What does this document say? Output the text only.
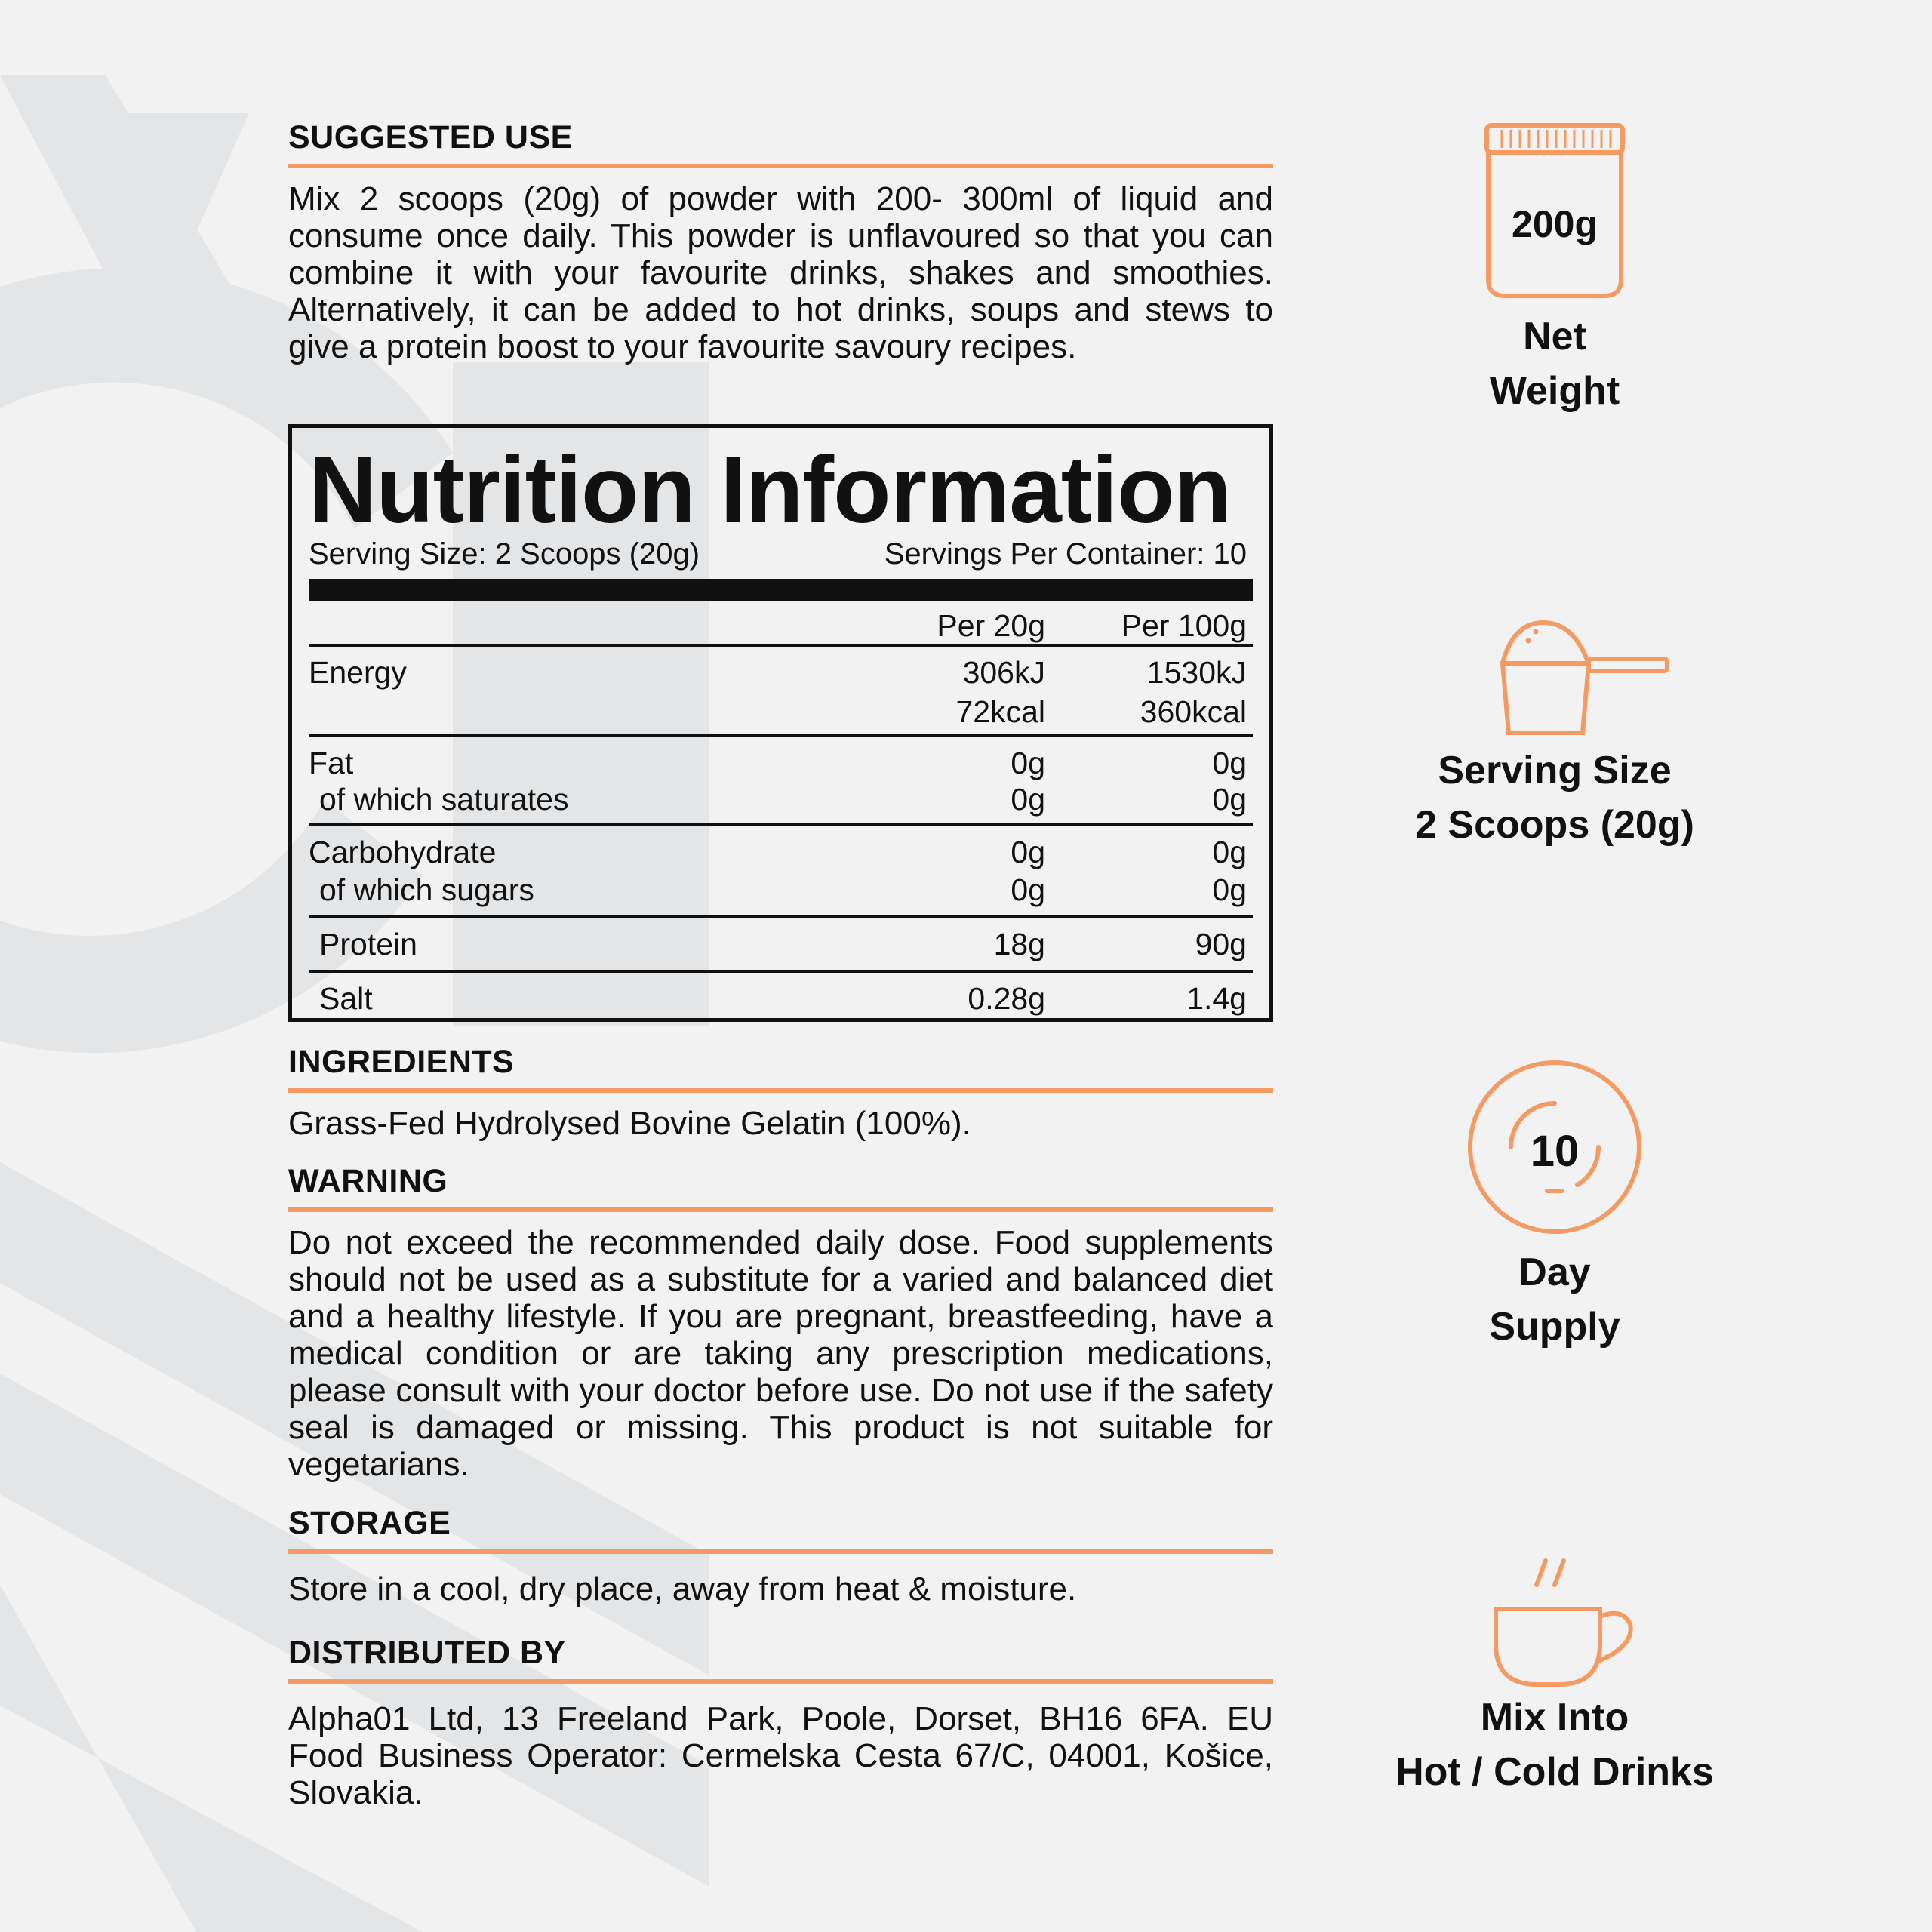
SUGGESTED USE
Mix 2 scoops (20g) of powder with 200- 300ml of liquid and consume once daily. This powder is unflavoured so that you can combine it with your favourite drinks, shakes and smoothies. Alternatively, it can be added to hot drinks, soups and stews to give a protein boost to your favourite savoury recipes.
Nutrition Information
Serving Size: 2 Scoops (20g)	Servings Per Container: 10
Per 20g Per 100g
Energy	306kJ	1530kJ
72kcal	360kcal
Fat	0g	0g
of which saturates	0g	0g
Carbohydrate	0g	0g
of which sugars	0g	0g
Protein	18g	90g
Salt	0.28g	1.4g
INGREDIENTS
Grass-Fed Hydrolysed Bovine Gelatin (100%).
WARNING
Do not exceed the recommended daily dose. Food supplements should not be used as a substitute for a varied and balanced diet and a healthy lifestyle. If you are pregnant, breastfeeding, have a medical condition or are taking any prescription medications, please consult with your doctor before use. Do not use if the safety seal is damaged or missing. This product is not suitable for vegetarians.
STORAGE
Store in a cool, dry place, away from heat & moisture.
DISTRIBUTED BY
Alpha01 Ltd, 13 Freeland Park, Poole, Dorset, BH16 6FA. EU Food Business Operator: Cermelska Cesta 67/C, 04001, Košice, Slovakia.
200g
Net
Weight
Serving Size
2 Scoops (20g)
10
Day
Supply
Mix Into
Hot / Cold Drinks
